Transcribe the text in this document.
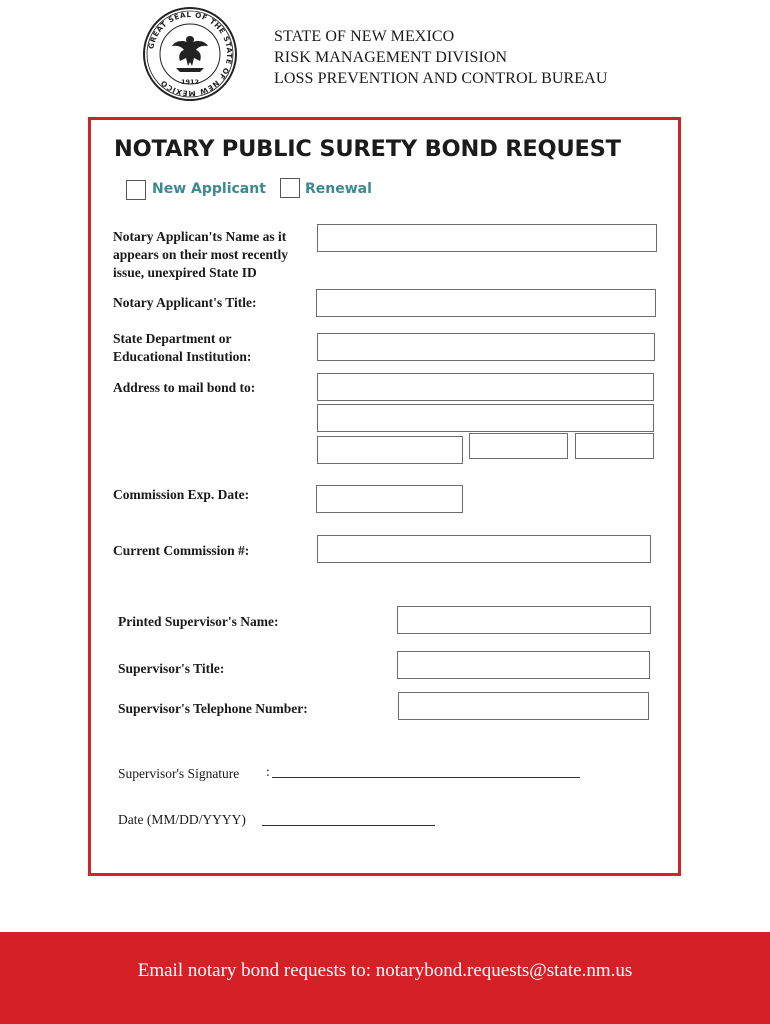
GREAT SEAL OF THE STATE OF NEW MEXICO	1912
STATE OF NEW MEXICO
RISK MANAGEMENT DIVISION
LOSS PREVENTION AND CONTROL BUREAU
NOTARY PUBLIC SURETY BOND REQUEST
New Applicant	Renewal
Notary Applican'ts Name as it
appears on their most recently
issue, unexpired State ID
Notary Applicant's Title:
State Department or
Educational Institution:
Address to mail bond to:
Commission Exp. Date:
Current Commission #:
Printed Supervisor's Name:
Supervisor's Title:
Supervisor's Telephone Number:
Supervisor's Signature :
Date (MM/DD/YYYY)
Email notary bond requests to: notarybond.requests@state.nm.us
